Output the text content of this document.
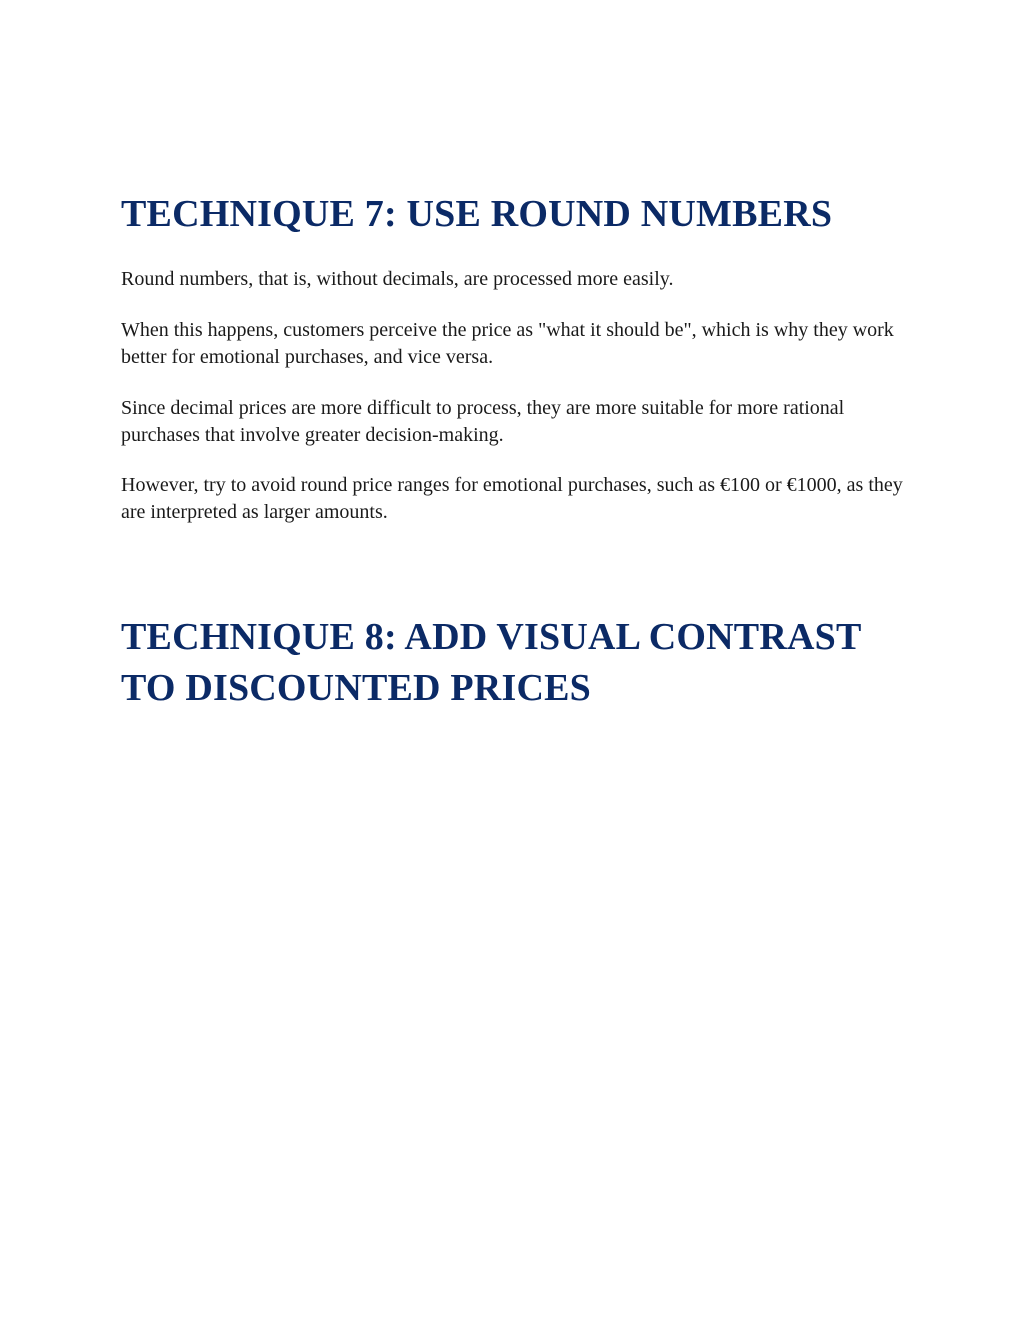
TECHNIQUE 7: USE ROUND NUMBERS

Round numbers, that is, without decimals, are processed more easily.

When this happens, customers perceive the price as "what it should be", which is why they work better for emotional purchases, and vice versa.

Since decimal prices are more difficult to process, they are more suitable for more rational purchases that involve greater decision-making.

However, try to avoid round price ranges for emotional purchases, such as €100 or €1000, as they are interpreted as larger amounts.

TECHNIQUE 8: ADD VISUAL CONTRAST TO DISCOUNTED PRICES
